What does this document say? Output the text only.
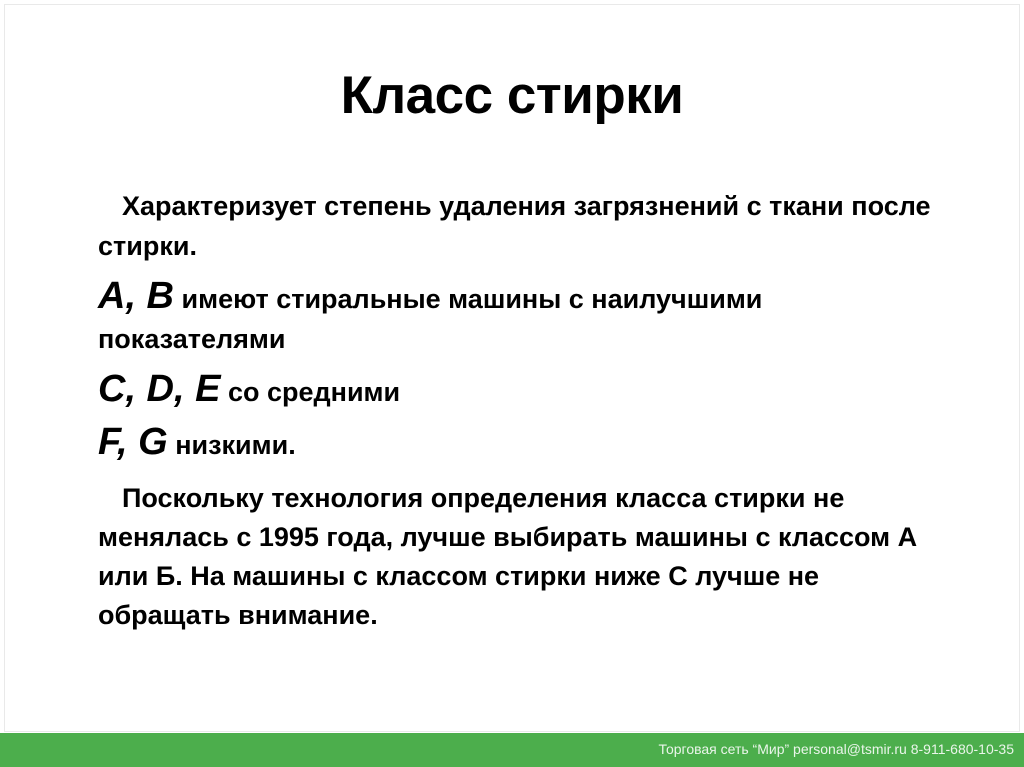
Класс стирки

Характеризует степень удаления загрязнений с ткани после стирки.

A, B имеют стиральные машины с наилучшими показателями

C, D, E со средними

F, G низкими.

Поскольку технология определения класса стирки не менялась с 1995 года, лучше выбирать машины с классом А или Б. На машины с классом стирки ниже С лучше не обращать внимание.

Торговая сеть “Мир” personal@tsmir.ru 8-911-680-10-35
